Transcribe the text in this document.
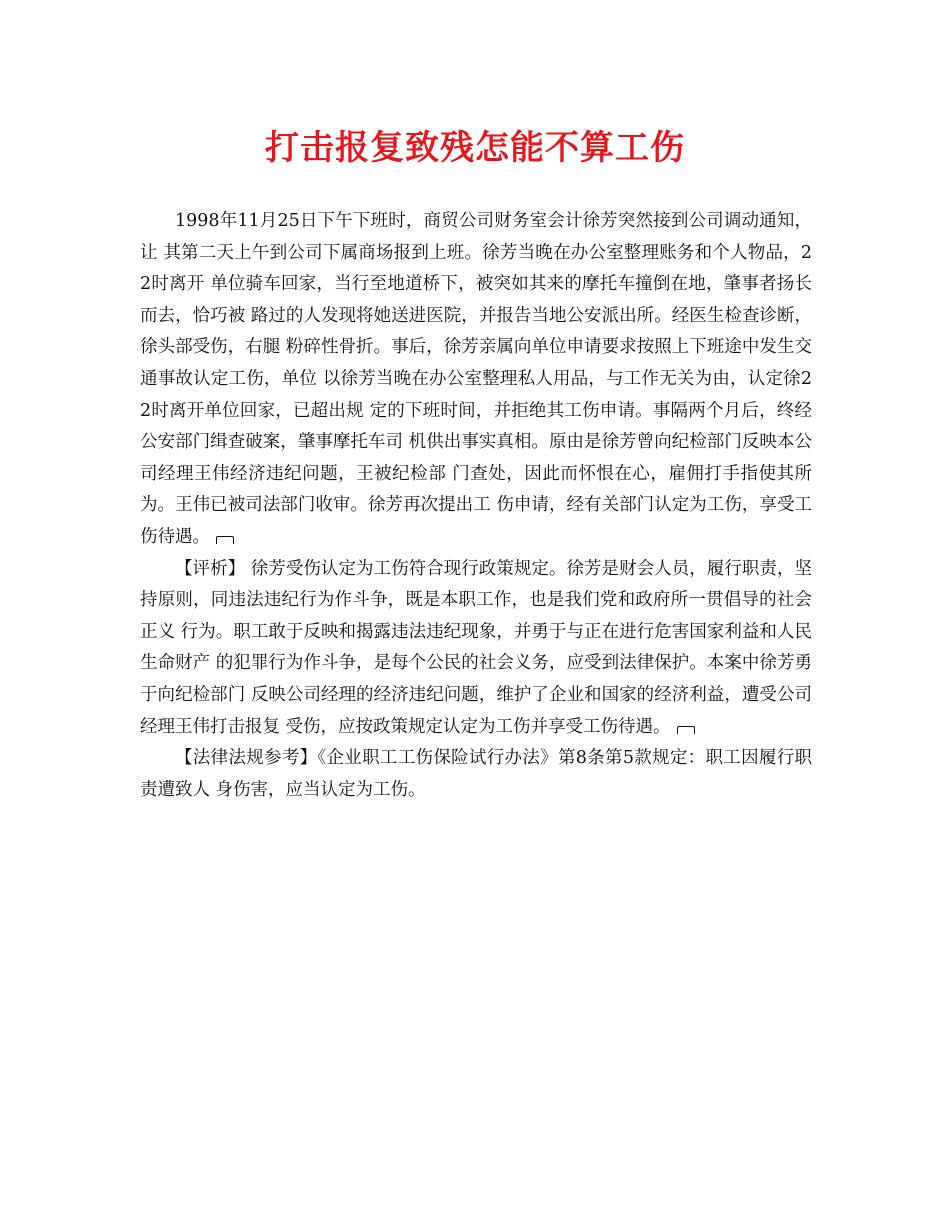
打击报复致残怎能不算工伤

1998年11月25日下午下班时，商贸公司财务室会计徐芳突然接到公司调动通知，让 其第二天上午到公司下属商场报到上班。徐芳当晚在办公室整理账务和个人物品，22时离开 单位骑车回家，当行至地道桥下，被突如其来的摩托车撞倒在地，肇事者扬长而去，恰巧被 路过的人发现将她送进医院，并报告当地公安派出所。经医生检查诊断，徐头部受伤，右腿 粉碎性骨折。事后，徐芳亲属向单位申请要求按照上下班途中发生交通事故认定工伤，单位 以徐芳当晚在办公室整理私人用品，与工作无关为由，认定徐22时离开单位回家，已超出规 定的下班时间，并拒绝其工伤申请。事隔两个月后，终经公安部门缉查破案，肇事摩托车司 机供出事实真相。原由是徐芳曾向纪检部门反映本公司经理王伟经济违纪问题，王被纪检部 门查处，因此而怀恨在心，雇佣打手指使其所为。王伟已被司法部门收审。徐芳再次提出工 伤申请，经有关部门认定为工伤，享受工伤待遇。

【评析】 徐芳受伤认定为工伤符合现行政策规定。徐芳是财会人员，履行职责，坚 持原则，同违法违纪行为作斗争，既是本职工作，也是我们党和政府所一贯倡导的社会正义 行为。职工敢于反映和揭露违法违纪现象，并勇于与正在进行危害国家利益和人民生命财产 的犯罪行为作斗争，是每个公民的社会义务，应受到法律保护。本案中徐芳勇于向纪检部门 反映公司经理的经济违纪问题，维护了企业和国家的经济利益，遭受公司经理王伟打击报复 受伤，应按政策规定认定为工伤并享受工伤待遇。

【法律法规参考】《企业职工工伤保险试行办法》第8条第5款规定：职工因履行职责遭致人 身伤害，应当认定为工伤。
